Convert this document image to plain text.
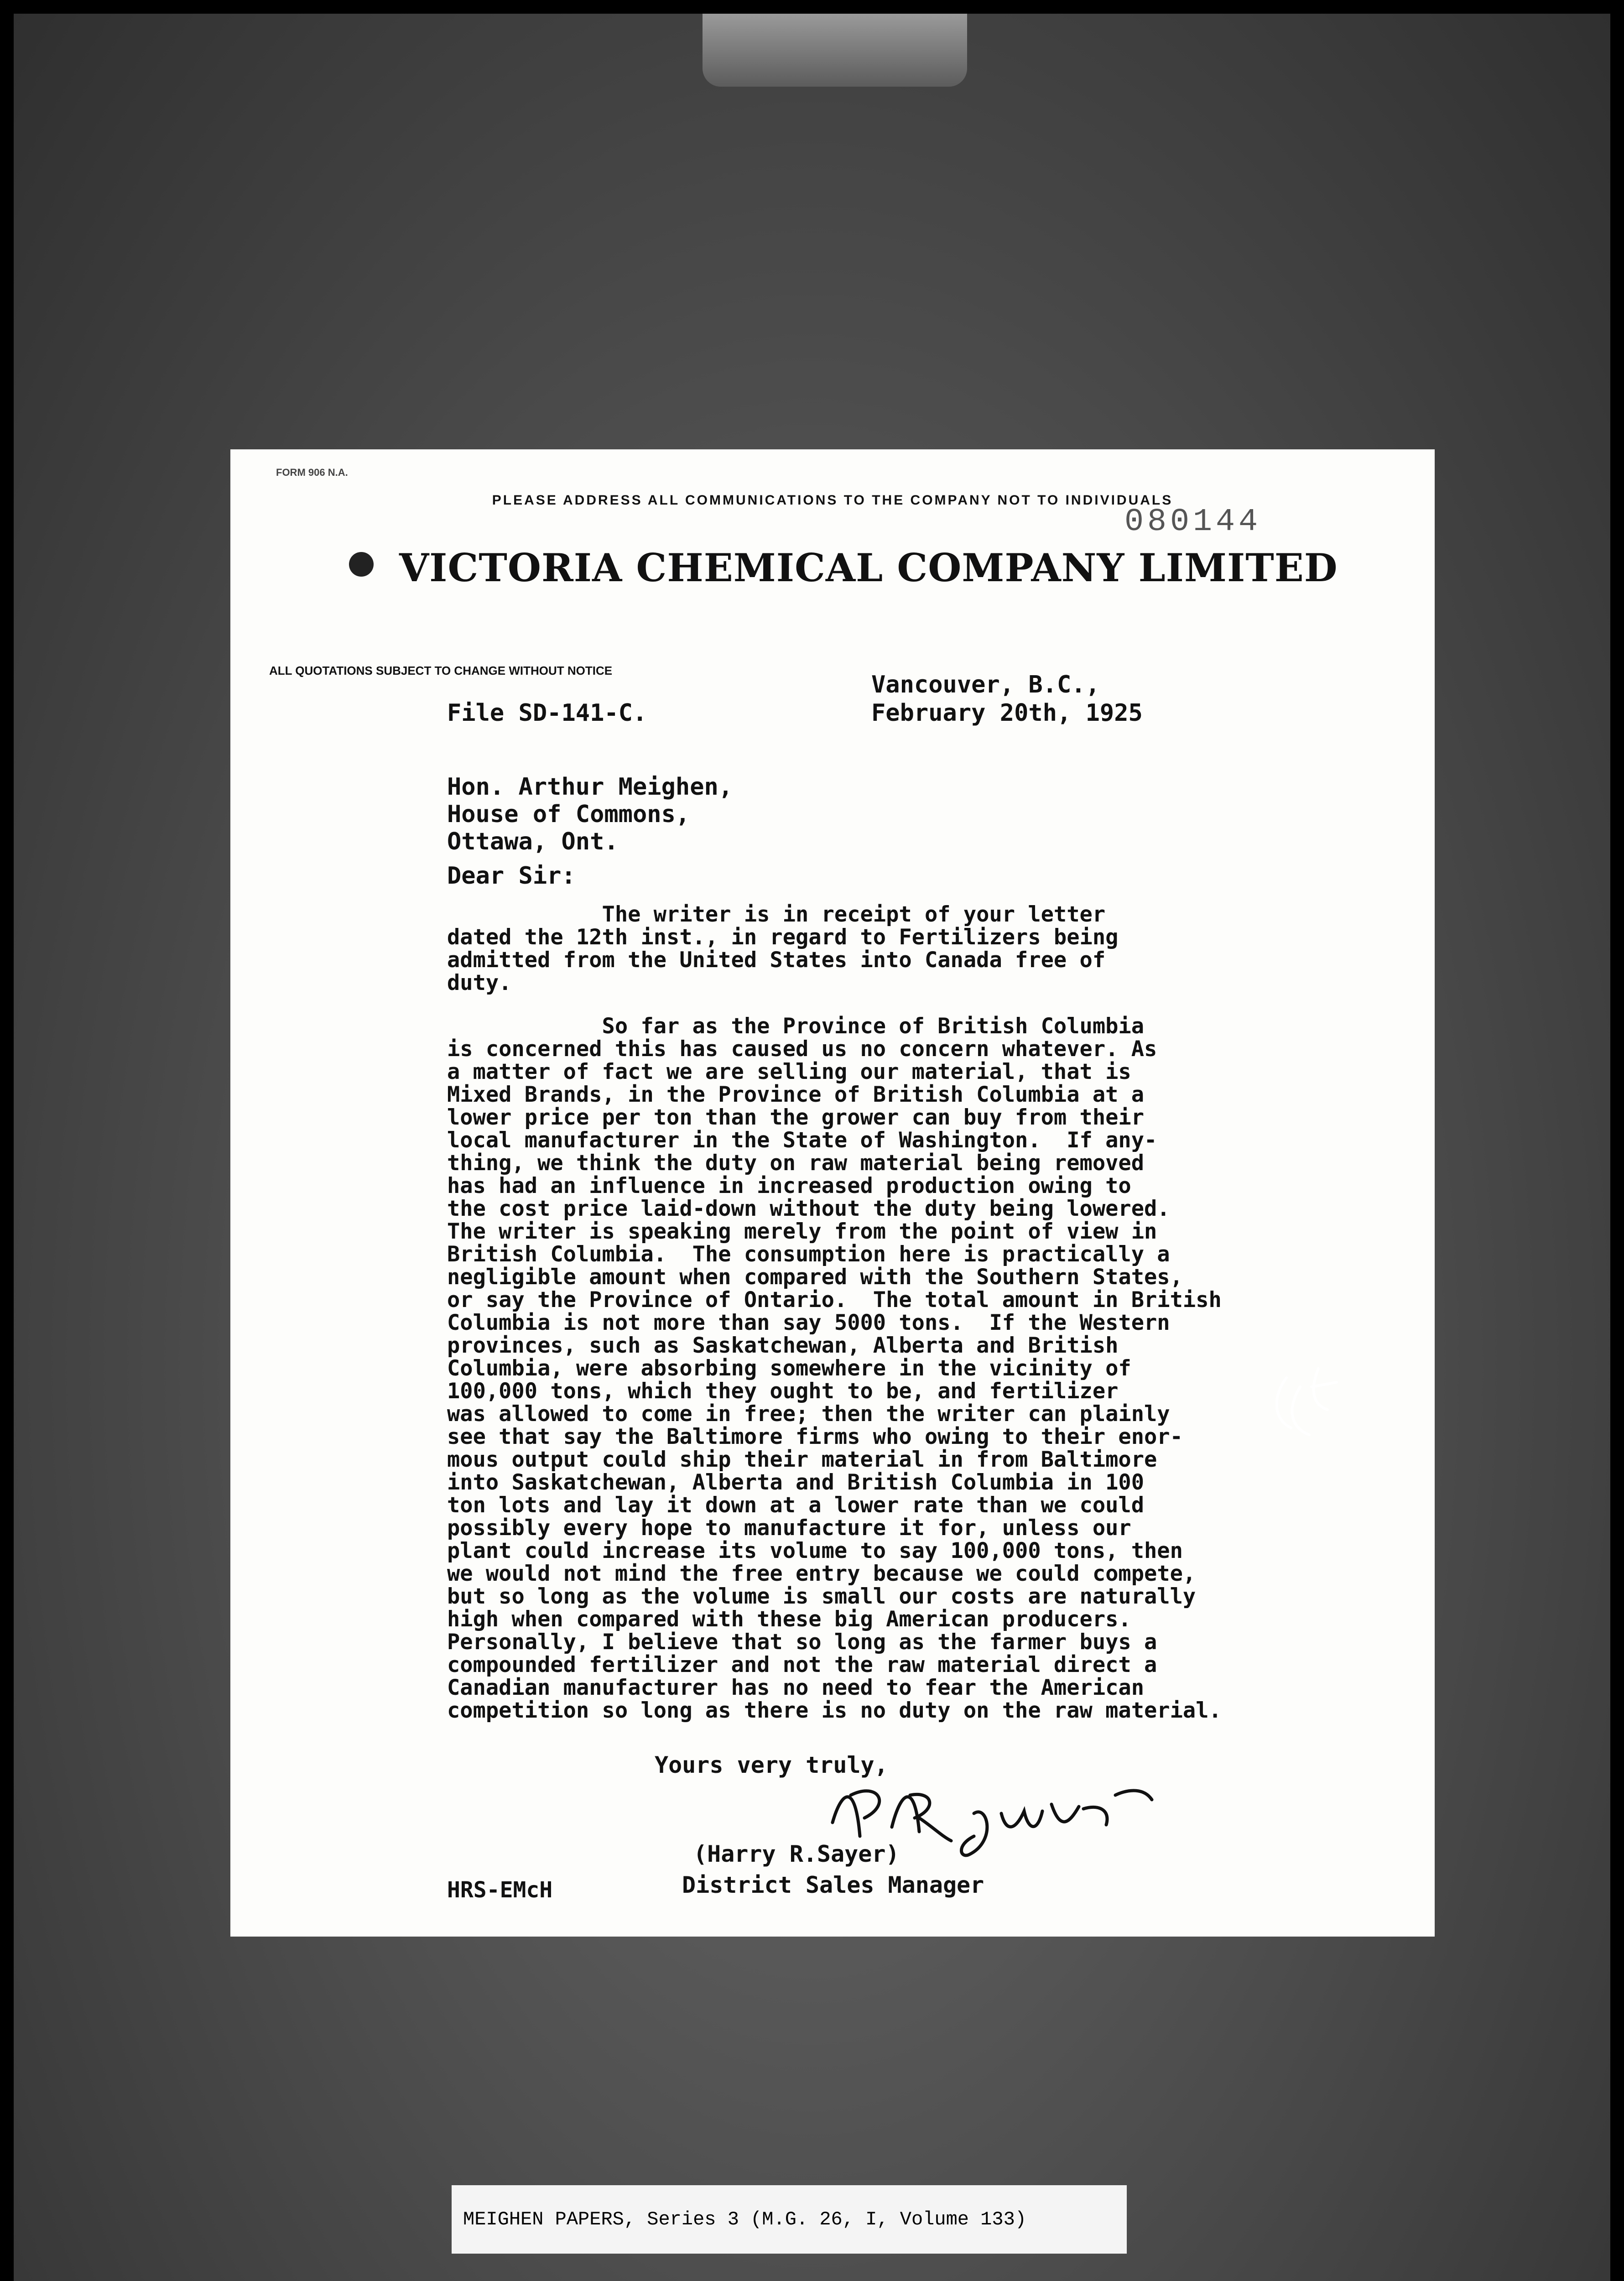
FORM 906 N.A.
PLEASE ADDRESS ALL COMMUNICATIONS TO THE COMPANY NOT TO INDIVIDUALS
080144
VICTORIA CHEMICAL COMPANY LIMITED
ALL QUOTATIONS SUBJECT TO CHANGE WITHOUT NOTICE
Vancouver, B.C.,
February 20th, 1925
File SD-141-C.
Hon. Arthur Meighen,
House of Commons,
Ottawa, Ont.
Dear Sir:
The writer is in receipt of your letter
dated the 12th inst., in regard to Fertilizers being
admitted from the United States into Canada free of
duty.
So far as the Province of British Columbia
is concerned this has caused us no concern whatever. As
a matter of fact we are selling our material, that is
Mixed Brands, in the Province of British Columbia at a
lower price per ton than the grower can buy from their
local manufacturer in the State of Washington.  If any-
thing, we think the duty on raw material being removed
has had an influence in increased production owing to
the cost price laid-down without the duty being lowered.
The writer is speaking merely from the point of view in
British Columbia.  The consumption here is practically a
negligible amount when compared with the Southern States,
or say the Province of Ontario.  The total amount in British
Columbia is not more than say 5000 tons.  If the Western
provinces, such as Saskatchewan, Alberta and British
Columbia, were absorbing somewhere in the vicinity of
100,000 tons, which they ought to be, and fertilizer
was allowed to come in free; then the writer can plainly
see that say the Baltimore firms who owing to their enor-
mous output could ship their material in from Baltimore
into Saskatchewan, Alberta and British Columbia in 100
ton lots and lay it down at a lower rate than we could
possibly every hope to manufacture it for, unless our
plant could increase its volume to say 100,000 tons, then
we would not mind the free entry because we could compete,
but so long as the volume is small our costs are naturally
high when compared with these big American producers.
Personally, I believe that so long as the farmer buys a
compounded fertilizer and not the raw material direct a
Canadian manufacturer has no need to fear the American
competition so long as there is no duty on the raw material.
Yours very truly,
(Harry R.Sayer)
District Sales Manager
HRS-EMcH
MEIGHEN PAPERS, Series 3 (M.G. 26, I, Volume 133)
